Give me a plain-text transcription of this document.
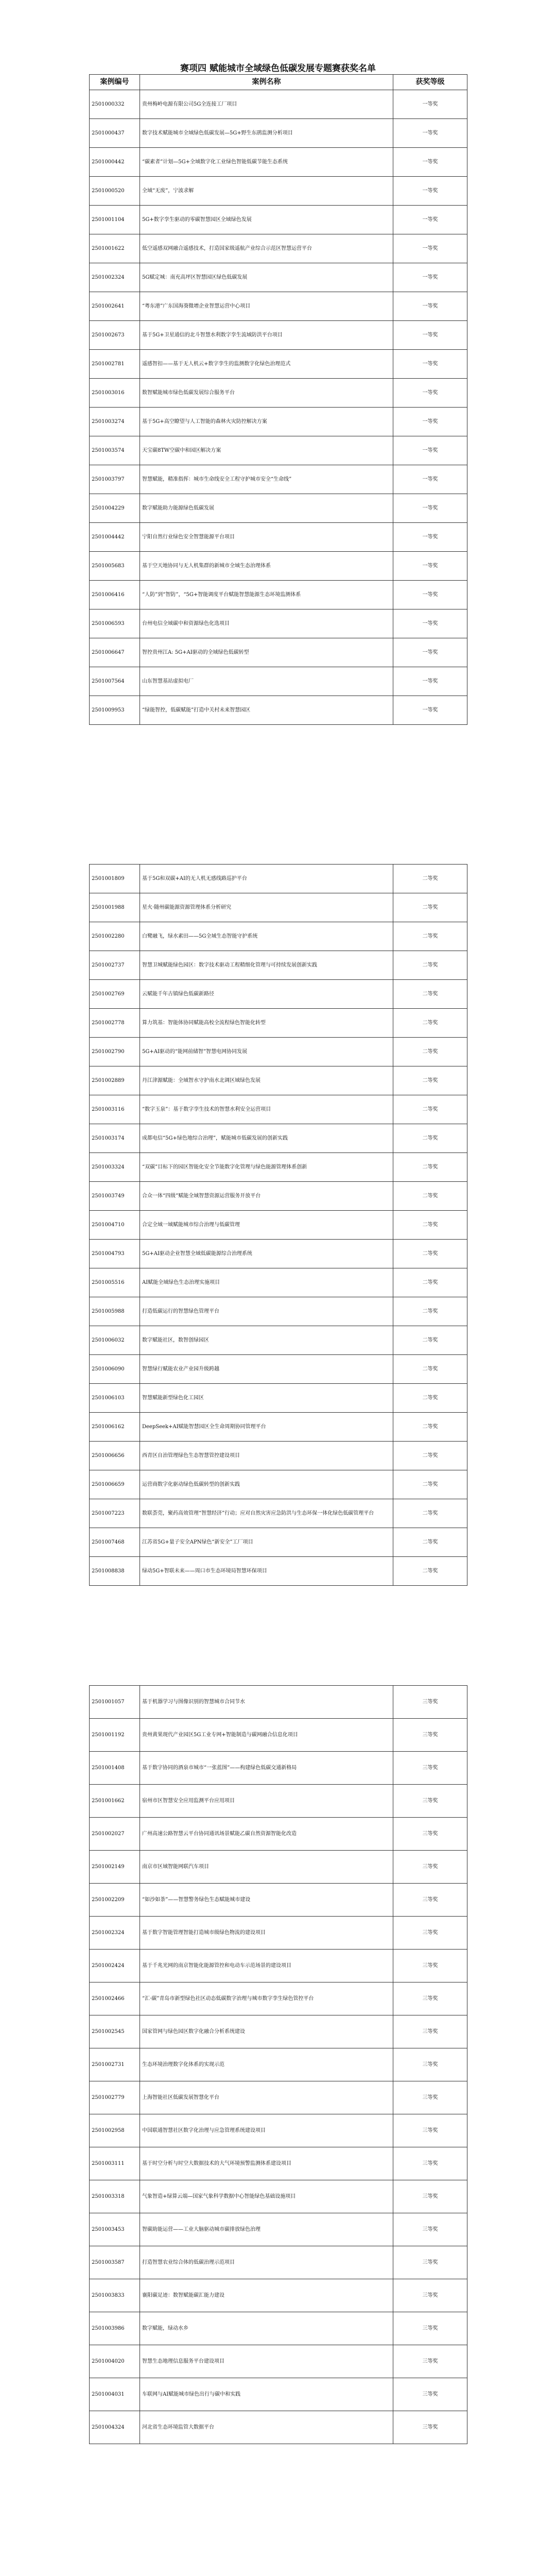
赛项四 赋能城市全域绿色低碳发展专题赛获奖名单
案例编号	案例名称	获奖等级
2501000332	贵州梅岭电源有限公司5G全连接工厂项目	一等奖
2501000437	数字技术赋能城市全域绿色低碳发展—5G+野生东鹃监测分析项目	一等奖
2501000442	“碳素者”计划—5G+全域数字化工业绿色智能低碳节能生态系统	一等奖
2501000520	全域“无废”，宁波求解	一等奖
2501001104	5G+数字孪生驱动的零碳智慧园区全域绿色发展	一等奖
2501001622	低空遥感双网融合遥感技术，打造国家级遥航产业综合示范区智慧运营平台	一等奖
2501002324	5G赋定城：南充高坪区智慧园区绿色低碳发展	一等奖
2501002641	“粤东港”广东国海葵微增企业智慧运营中心项目	一等奖
2501002673	基于5G+卫星通信的北斗智慧水利数字孪生流域防洪平台项目	一等奖
2501002781	遥感智扣——基于无人机云+数字孪生的监测数字化绿色治理范式	一等奖
2501003016	数智赋能城市绿色低碳发展综合服务平台	一等奖
2501003274	基于5G+高空瞭望与人工智能的森林火灾防控解决方案	一等奖
2501003574	天宝碳8TW空碳中和园区解决方案	一等奖
2501003797	智慧赋能，精准指挥：城市生命线安全工程守护城市安全“生命线”	一等奖
2501004229	数字赋能助力能源绿色低碳发展	一等奖
2501004442	宁阳自然行业绿色安全智慧能源平台项目	一等奖
2501005683	基于空天地协同与无人机集群的新城市全域生态治理体系	一等奖
2501006416	“人防”到“智防”，“5G+智能调度平台赋能智慧能源生态环境监测体系	一等奖
2501006593	台州电信全域碳中和资源绿色化选项目	一等奖
2501006647	智控贵州江A: 5G+AI驱动的全域绿色低碳转型	一等奖
2501007564	山东智慧基站虚拟电厂	一等奖
2501009953	“绿能智控，低碳赋能”打造中关村未来智慧园区	一等奖
2501001809	基于5G和双碳+AI的无人机无感线路巡护平台	二等奖
2501001988	星火·随州碳能源资源管理体系分析研究	二等奖
2501002280	白鹭融飞，绿水素田——5G全域生态智能守护系统	二等奖
2501002737	智慧卫城赋能绿色园区：数字技术驱动工程精细化管理与可持续发展创新实践	二等奖
2501002769	云赋能千年古镇绿色低碳新路径	二等奖
2501002778	算力筑基：智能体协同赋能高校全流程绿色智能化转型	二等奖
2501002790	5G+AI驱动的“能网前储智”智慧电网协同发展	二等奖
2501002889	丹江津源赋能：全域智水守护南水北调区域绿色发展	二等奖
2501003116	“数字玉泉”：基于数字孪生技术的智慧水利安全运营项目	二等奖
2501003174	成都电信“5G+绿色地综合治理”，赋能城市低碳发展的创新实践	二等奖
2501003324	“双碳”目标下的园区智能化安全节能数字化管理与绿色能源管理体系创新	二等奖
2501003749	合众一体“四级”赋能全域智慧资源运营服务开放平台	二等奖
2501004710	合定全域一域赋能城市综合治理与低碳管理	二等奖
2501004793	5G+AI驱动企业智慧全域低碳能源综合治理系统	二等奖
2501005516	AI赋能全域绿色生态治理实施项目	二等奖
2501005988	打造低碳运行的智慧绿色管理平台	二等奖
2501006032	数字赋能社区，数智创绿园区	二等奖
2501006090	智慧绿行赋能农业产业园升级跨越	二等奖
2501006103	智慧赋能新型绿色化工园区	二等奖
2501006162	DeepSeek+AI赋能智慧园区全生命周期协同管理平台	二等奖
2501006656	西青区自治管理绿色生态智慧管控建设项目	二等奖
2501006659	运营商数字化驱动绿色低碳转型的创新实践	二等奖
2501007223	数联荟莞，聚药高效管理“智慧经济”行动；应对自然灾害应急防洪与生态环保一体化绿色低碳管理平台	二等奖
2501007468	江苏省5G+量子安全APN绿色“新安全”工厂项目	二等奖
2501008838	绿动5G+智联未来——周口市生态环境局智慧环保项目	二等奖
2501001057	基于机器学习与图像识别的智慧城市合同节水	三等奖
2501001192	贵州黄果现代产业园区5G工业专网+智能制造与碳网融合信息化项目	三等奖
2501001408	基于数字协同的酒泉市城市“一张蓝图”——构建绿色低碳交通新格局	三等奖
2501001662	宿州市区智慧安全应用监测平台应用项目	三等奖
2501002027	广州高速公路智慧云平台协同通讯场景赋能乙碳自然资源智能化改造	三等奖
2501002149	南京市区域智能网联汽车项目	三等奖
2501002209	“如沙如荼”——智慧警务绿色生态赋能城市建设	三等奖
2501002324	基于数字智能管理智能打造城市级绿色物流的建设项目	三等奖
2501002424	基于千兆光网的南京智能化能源管控和电动车示范场景的建设项目	三等奖
2501002466	“汇·碳”青岛市新型绿色社区动态低碳数字治理与城市数字孪生绿色管控平台	三等奖
2501002545	国家管网与绿色园区数字化融合分析系统建设	三等奖
2501002731	生态环境治理数字化体系的实现示范	三等奖
2501002779	上海智能社区低碳发展智慧化平台	三等奖
2501002958	中国联通智慧社区数字化治理与应急管理系统建设项目	三等奖
2501003111	基于时空分析与时空大数据技术的大气环境预警监测体系建设项目	三等奖
2501003318	气象智造+绿算云端—国家气象科学数据中心智能绿色基础设施项目	三等奖
2501003453	智碳助能运营——工业大脑驱动城市碳排放绿色治理	三等奖
2501003587	打造智慧农业综合体的低碳治理示范项目	三等奖
2501003833	襄阳碳足迹：数智赋能碳汇能力建设	三等奖
2501003986	数字赋能，绿动水乡	三等奖
2501004020	智慧生态地理信息服务平台建设项目	三等奖
2501004031	车联网与AI赋能城市绿色出行与碳中和实践	三等奖
2501004324	河北省生态环境监管大数据平台	三等奖
